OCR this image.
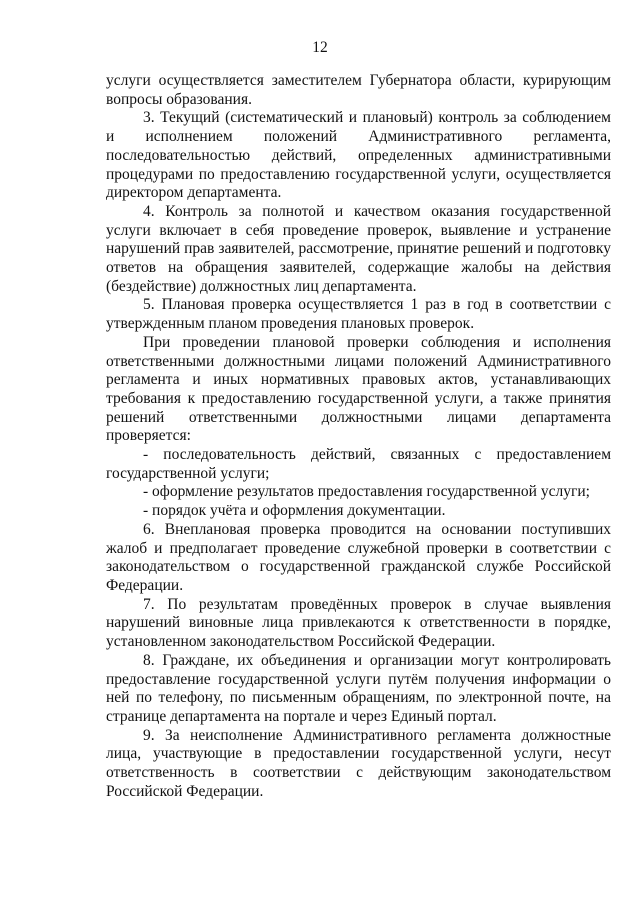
12

услуги осуществляется заместителем Губернатора области, курирующим вопросы образования.

3. Текущий (систематический и плановый) контроль за соблюдением и исполнением положений Административного регламента, последовательностью действий, определенных административными процедурами по предоставлению государственной услуги, осуществляется директором департамента.

4. Контроль за полнотой и качеством оказания государственной услуги включает в себя проведение проверок, выявление и устранение нарушений прав заявителей, рассмотрение, принятие решений и подготовку ответов на обращения заявителей, содержащие жалобы на действия (бездействие) должностных лиц департамента.

5. Плановая проверка осуществляется 1 раз в год в соответствии с утвержденным планом проведения плановых проверок.

При проведении плановой проверки соблюдения и исполнения ответственными должностными лицами положений Административного регламента и иных нормативных правовых актов, устанавливающих требования к предоставлению государственной услуги, а также принятия решений ответственными должностными лицами департамента проверяется:

- последовательность действий, связанных с предоставлением государственной услуги;

- оформление результатов предоставления государственной услуги;

- порядок учёта и оформления документации.

6. Внеплановая проверка проводится на основании поступивших жалоб и предполагает проведение служебной проверки в соответствии с законодательством о государственной гражданской службе Российской Федерации.

7. По результатам проведённых проверок в случае выявления нарушений виновные лица привлекаются к ответственности в порядке, установленном законодательством Российской Федерации.

8. Граждане, их объединения и организации могут контролировать предоставление государственной услуги путём получения информации о ней по телефону, по письменным обращениям, по электронной почте, на странице департамента на портале и через Единый портал.

9. За неисполнение Административного регламента должностные лица, участвующие в предоставлении государственной услуги, несут ответственность в соответствии с действующим законодательством Российской Федерации.
